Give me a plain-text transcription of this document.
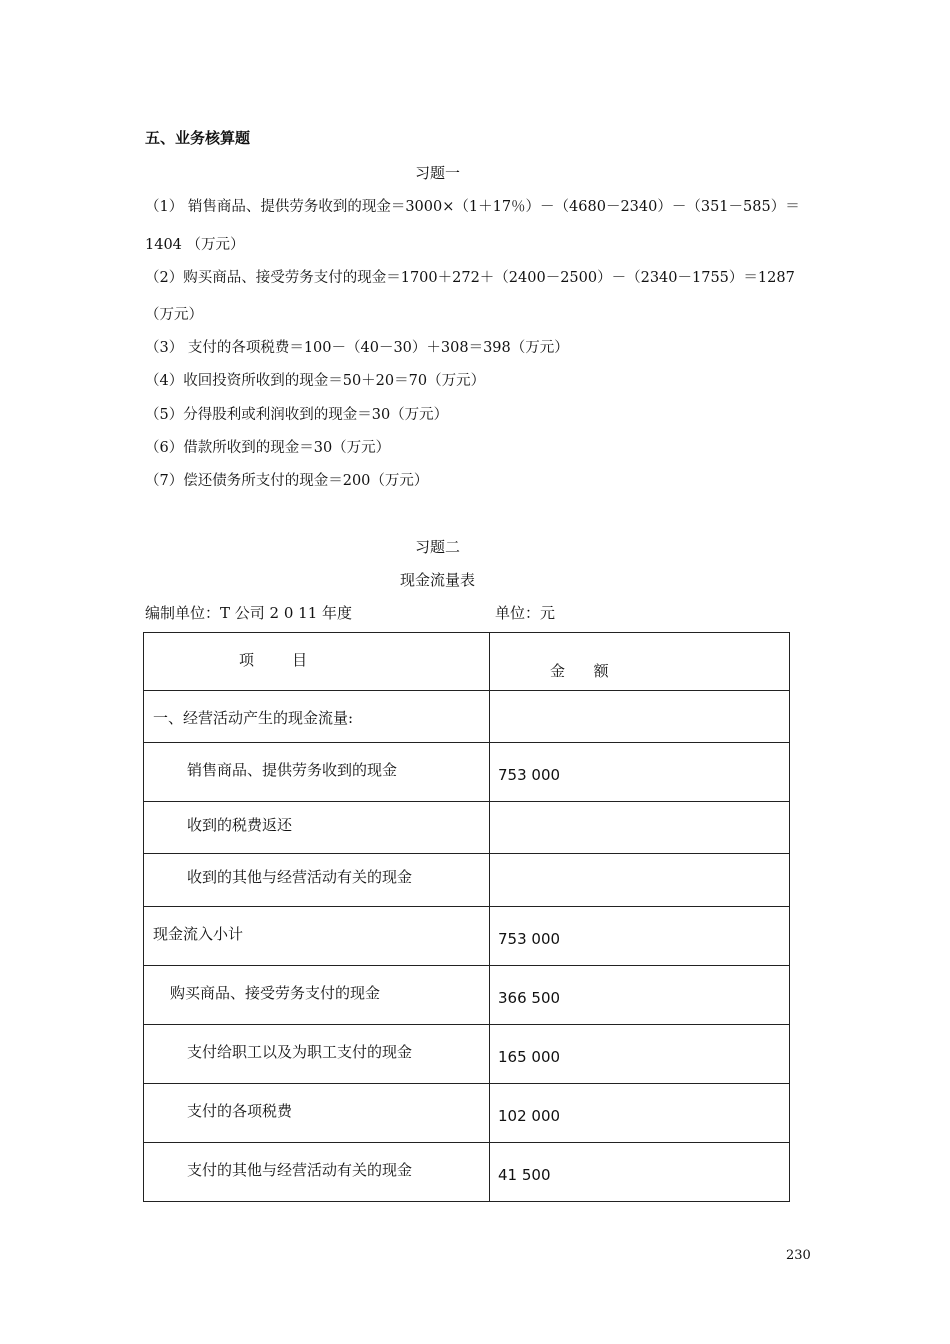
五、业务核算题
习题一
（1） 销售商品、提供劳务收到的现金＝3000×（1＋17％）－（4680－2340）－（351－585）＝
1404 （万元）
（2）购买商品、接受劳务支付的现金＝1700＋272＋（2400－2500）－（2340－1755）＝1287
（万元）
（3） 支付的各项税费＝100－（40－30）＋308＝398（万元）
（4）收回投资所收到的现金＝50＋20＝70（万元）
（5）分得股利或利润收到的现金＝30（万元）
（6）借款所收到的现金＝30（万元）
（7）偿还债务所支付的现金＝200（万元）
习题二
现金流量表
编制单位：T 公司 2 0 11 年度	单位：元
项        目	金      额

一、经营活动产生的现金流量:	

销售商品、提供劳务收到的现金	753 000

收到的税费返还	

收到的其他与经营活动有关的现金	

现金流入小计	753 000

购买商品、接受劳务支付的现金	366 500

支付给职工以及为职工支付的现金	165 000

支付的各项税费	102 000

支付的其他与经营活动有关的现金	41 500
230
